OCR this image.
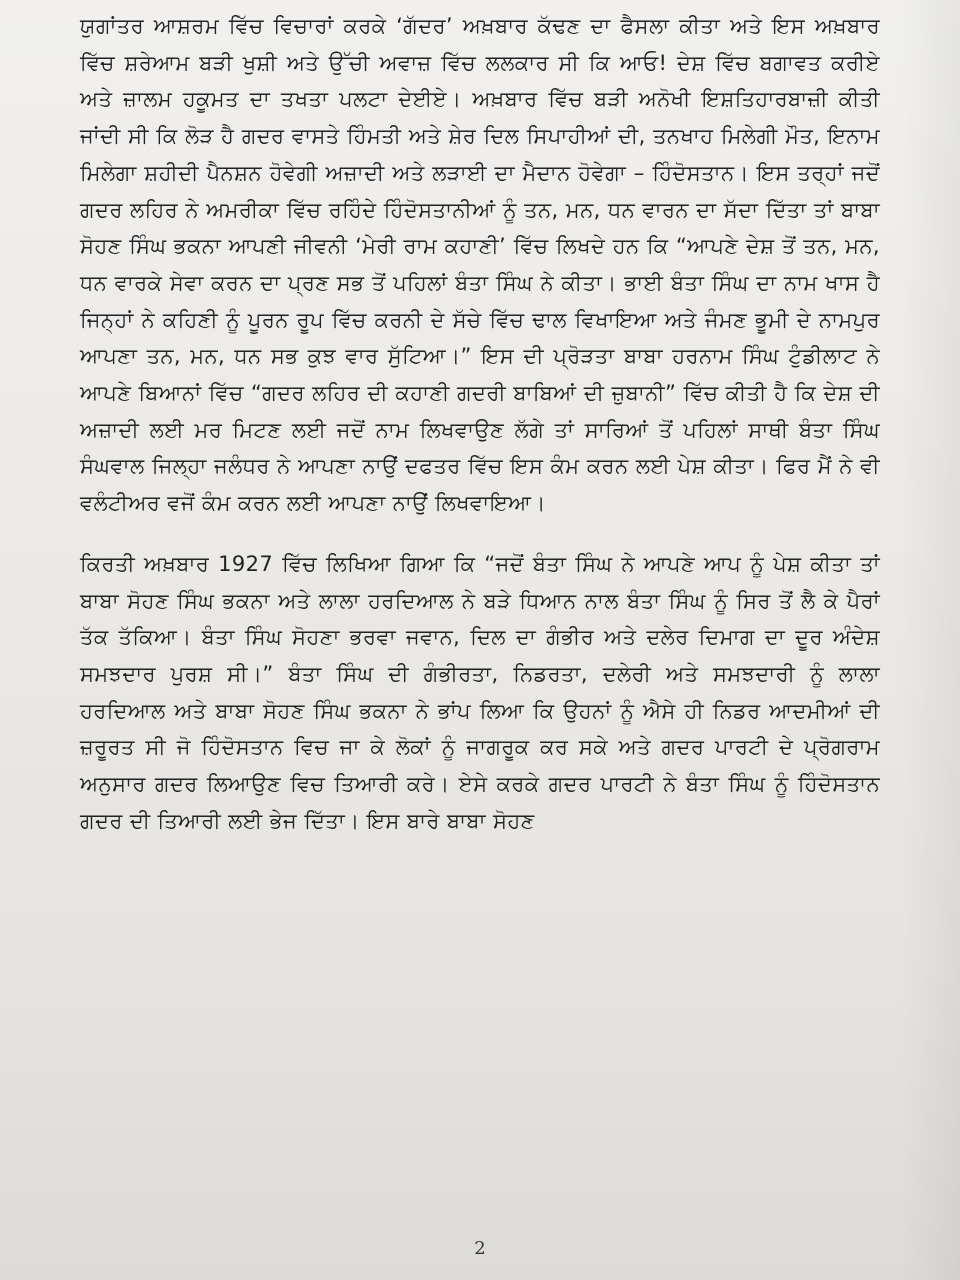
ਯੁਗਾਂਤਰ ਆਸ਼ਰਮ ਵਿੱਚ ਵਿਚਾਰਾਂ ਕਰਕੇ ‘ਗੱਦਰ’ ਅਖ਼ਬਾਰ ਕੱਢਣ ਦਾ ਫੈਸਲਾ ਕੀਤਾ ਅਤੇ ਇਸ ਅਖ਼ਬਾਰ ਵਿੱਚ ਸ਼ਰੇਆਮ ਬੜੀ ਖੁਸ਼ੀ ਅਤੇ ਉੱਚੀ ਅਵਾਜ਼ ਵਿੱਚ ਲਲਕਾਰ ਸੀ ਕਿ ਆਓ! ਦੇਸ਼ ਵਿੱਚ ਬਗਾਵਤ ਕਰੀਏ ਅਤੇ ਜ਼ਾਲਮ ਹਕੂਮਤ ਦਾ ਤਖਤਾ ਪਲਟਾ ਦੇਈਏ। ਅਖ਼ਬਾਰ ਵਿੱਚ ਬੜੀ ਅਨੋਖੀ ਇਸ਼ਤਿਹਾਰਬਾਜ਼ੀ ਕੀਤੀ ਜਾਂਦੀ ਸੀ ਕਿ ਲੋੜ ਹੈ ਗਦਰ ਵਾਸਤੇ ਹਿੰਮਤੀ ਅਤੇ ਸ਼ੇਰ ਦਿਲ ਸਿਪਾਹੀਆਂ ਦੀ, ਤਨਖਾਹ ਮਿਲੇਗੀ ਮੌਤ, ਇਨਾਮ ਮਿਲੇਗਾ ਸ਼ਹੀਦੀ ਪੈਨਸ਼ਨ ਹੋਵੇਗੀ ਅਜ਼ਾਦੀ ਅਤੇ ਲੜਾਈ ਦਾ ਮੈਦਾਨ ਹੋਵੇਗਾ – ਹਿੰਦੋਸਤਾਨ। ਇਸ ਤਰ੍ਹਾਂ ਜਦੋਂ ਗਦਰ ਲਹਿਰ ਨੇ ਅਮਰੀਕਾ ਵਿੱਚ ਰਹਿੰਦੇ ਹਿੰਦੋਸਤਾਨੀਆਂ ਨੂੰ ਤਨ, ਮਨ, ਧਨ ਵਾਰਨ ਦਾ ਸੱਦਾ ਦਿੱਤਾ ਤਾਂ ਬਾਬਾ ਸੋਹਣ ਸਿੰਘ ਭਕਨਾ ਆਪਣੀ ਜੀਵਨੀ ‘ਮੇਰੀ ਰਾਮ ਕਹਾਣੀ’ ਵਿੱਚ ਲਿਖਦੇ ਹਨ ਕਿ “ਆਪਣੇ ਦੇਸ਼ ਤੋਂ ਤਨ, ਮਨ, ਧਨ ਵਾਰਕੇ ਸੇਵਾ ਕਰਨ ਦਾ ਪ੍ਰਣ ਸਭ ਤੋਂ ਪਹਿਲਾਂ ਬੰਤਾ ਸਿੰਘ ਨੇ ਕੀਤਾ। ਭਾਈ ਬੰਤਾ ਸਿੰਘ ਦਾ ਨਾਮ ਖਾਸ ਹੈ ਜਿਨ੍ਹਾਂ ਨੇ ਕਹਿਣੀ ਨੂੰ ਪੂਰਨ ਰੂਪ ਵਿੱਚ ਕਰਨੀ ਦੇ ਸੱਚੇ ਵਿੱਚ ਢਾਲ ਵਿਖਾਇਆ ਅਤੇ ਜੰਮਣ ਭੂਮੀ ਦੇ ਨਾਮਪੁਰ ਆਪਣਾ ਤਨ, ਮਨ, ਧਨ ਸਭ ਕੁਝ ਵਾਰ ਸੁੱਟਿਆ।” ਇਸ ਦੀ ਪ੍ਰੋੜਤਾ ਬਾਬਾ ਹਰਨਾਮ ਸਿੰਘ ਟੁੰਡੀਲਾਟ ਨੇ ਆਪਣੇ ਬਿਆਨਾਂ ਵਿੱਚ “ਗਦਰ ਲਹਿਰ ਦੀ ਕਹਾਣੀ ਗਦਰੀ ਬਾਬਿਆਂ ਦੀ ਜ਼ੁਬਾਨੀ” ਵਿੱਚ ਕੀਤੀ ਹੈ ਕਿ ਦੇਸ਼ ਦੀ ਅਜ਼ਾਦੀ ਲਈ ਮਰ ਮਿਟਣ ਲਈ ਜਦੋਂ ਨਾਮ ਲਿਖਵਾਉਣ ਲੱਗੇ ਤਾਂ ਸਾਰਿਆਂ ਤੋਂ ਪਹਿਲਾਂ ਸਾਥੀ ਬੰਤਾ ਸਿੰਘ ਸੰਘਵਾਲ ਜਿਲ੍ਹਾ ਜਲੰਧਰ ਨੇ ਆਪਣਾ ਨਾਉਂ ਦਫਤਰ ਵਿੱਚ ਇਸ ਕੰਮ ਕਰਨ ਲਈ ਪੇਸ਼ ਕੀਤਾ। ਫਿਰ ਮੈਂ ਨੇ ਵੀ ਵਲੰਟੀਅਰ ਵਜੋਂ ਕੰਮ ਕਰਨ ਲਈ ਆਪਣਾ ਨਾਉਂ ਲਿਖਵਾਇਆ।

ਕਿਰਤੀ ਅਖ਼ਬਾਰ 1927 ਵਿੱਚ ਲਿਖਿਆ ਗਿਆ ਕਿ “ਜਦੋਂ ਬੰਤਾ ਸਿੰਘ ਨੇ ਆਪਣੇ ਆਪ ਨੂੰ ਪੇਸ਼ ਕੀਤਾ ਤਾਂ ਬਾਬਾ ਸੋਹਣ ਸਿੰਘ ਭਕਨਾ ਅਤੇ ਲਾਲਾ ਹਰਦਿਆਲ ਨੇ ਬੜੇ ਧਿਆਨ ਨਾਲ ਬੰਤਾ ਸਿੰਘ ਨੂੰ ਸਿਰ ਤੋਂ ਲੈ ਕੇ ਪੈਰਾਂ ਤੱਕ ਤੱਕਿਆ। ਬੰਤਾ ਸਿੰਘ ਸੋਹਣਾ ਭਰਵਾ ਜਵਾਨ, ਦਿਲ ਦਾ ਗੰਭੀਰ ਅਤੇ ਦਲੇਰ ਦਿਮਾਗ ਦਾ ਦੂਰ ਅੰਦੇਸ਼ ਸਮਝਦਾਰ ਪੁਰਸ਼ ਸੀ।” ਬੰਤਾ ਸਿੰਘ ਦੀ ਗੰਭੀਰਤਾ, ਨਿਡਰਤਾ, ਦਲੇਰੀ ਅਤੇ ਸਮਝਦਾਰੀ ਨੂੰ ਲਾਲਾ ਹਰਦਿਆਲ ਅਤੇ ਬਾਬਾ ਸੋਹਣ ਸਿੰਘ ਭਕਨਾ ਨੇ ਭਾਂਪ ਲਿਆ ਕਿ ਉਹਨਾਂ ਨੂੰ ਐਸੇ ਹੀ ਨਿਡਰ ਆਦਮੀਆਂ ਦੀ ਜ਼ਰੂਰਤ ਸੀ ਜੋ ਹਿੰਦੋਸਤਾਨ ਵਿਚ ਜਾ ਕੇ ਲੋਕਾਂ ਨੂੰ ਜਾਗਰੂਕ ਕਰ ਸਕੇ ਅਤੇ ਗਦਰ ਪਾਰਟੀ ਦੇ ਪ੍ਰੋਗਰਾਮ ਅਨੁਸਾਰ ਗਦਰ ਲਿਆਉਣ ਵਿਚ ਤਿਆਰੀ ਕਰੇ। ਏਸੇ ਕਰਕੇ ਗਦਰ ਪਾਰਟੀ ਨੇ ਬੰਤਾ ਸਿੰਘ ਨੂੰ ਹਿੰਦੋਸਤਾਨ ਗਦਰ ਦੀ ਤਿਆਰੀ ਲਈ ਭੇਜ ਦਿੱਤਾ। ਇਸ ਬਾਰੇ ਬਾਬਾ ਸੋਹਣ

2
